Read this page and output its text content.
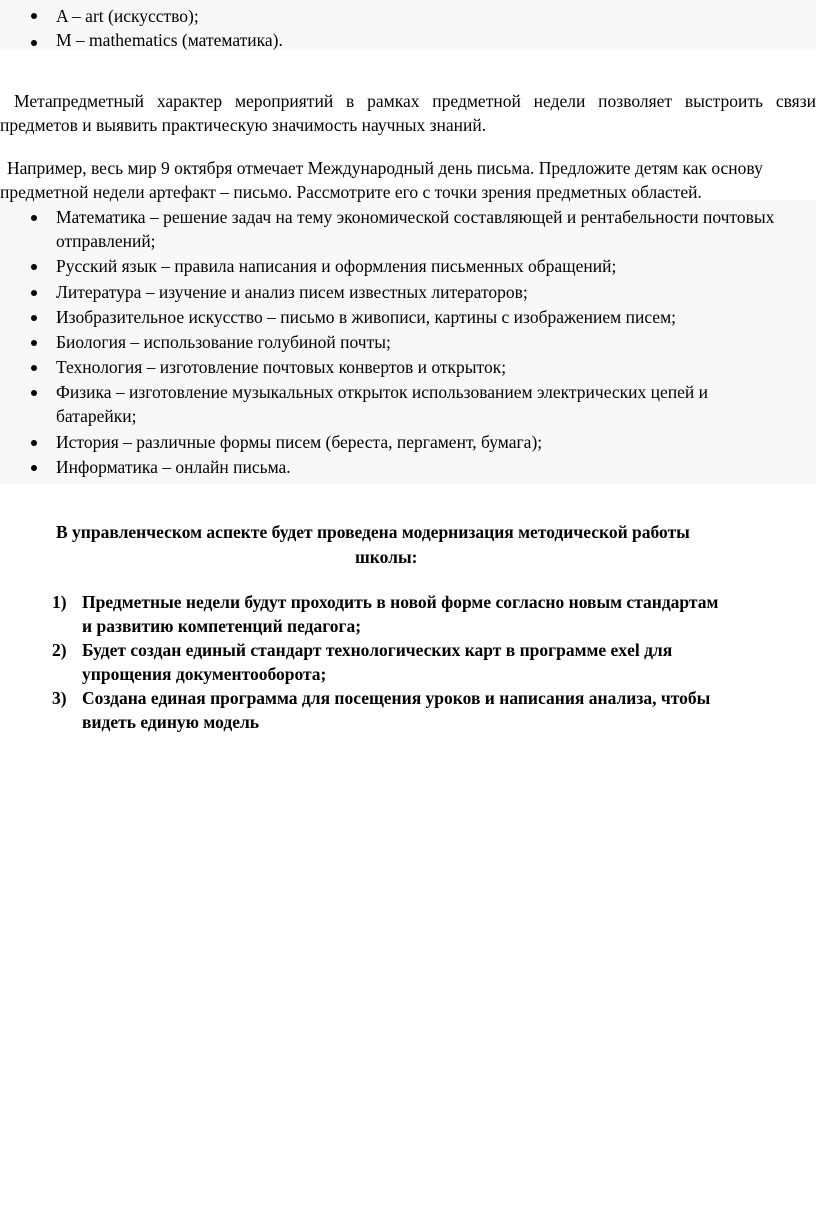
A – art (искусство);
M – mathematics (математика).
Метапредметный характер мероприятий в рамках предметной недели позволяет выстроить связи
предметов и выявить практическую значимость научных знаний.
Например, весь мир 9 октября отмечает Международный день письма. Предложите детям как основу
предметной недели артефакт – письмо. Рассмотрите его с точки зрения предметных областей.
Математика – решение задач на тему экономической составляющей и рентабельности почтовых
отправлений;
Русский язык – правила написания и оформления письменных обращений;
Литература – изучение и анализ писем известных литераторов;
Изобразительное искусство – письмо в живописи, картины с изображением писем;
Биология – использование голубиной почты;
Технология – изготовление почтовых конвертов и открыток;
Физика – изготовление музыкальных открыток использованием электрических цепей и
батарейки;
История – различные формы писем (береста, пергамент, бумага);
Информатика – онлайн письма.
В управленческом аспекте будет проведена модернизация методической работы
школы:
1) Предметные недели будут проходить в новой форме согласно новым стандартам
и развитию компетенций педагога;
2) Будет создан единый стандарт технологических карт в программе exel для
упрощения документооборота;
3) Создана единая программа для посещения уроков и написания анализа, чтобы
видеть единую модель
